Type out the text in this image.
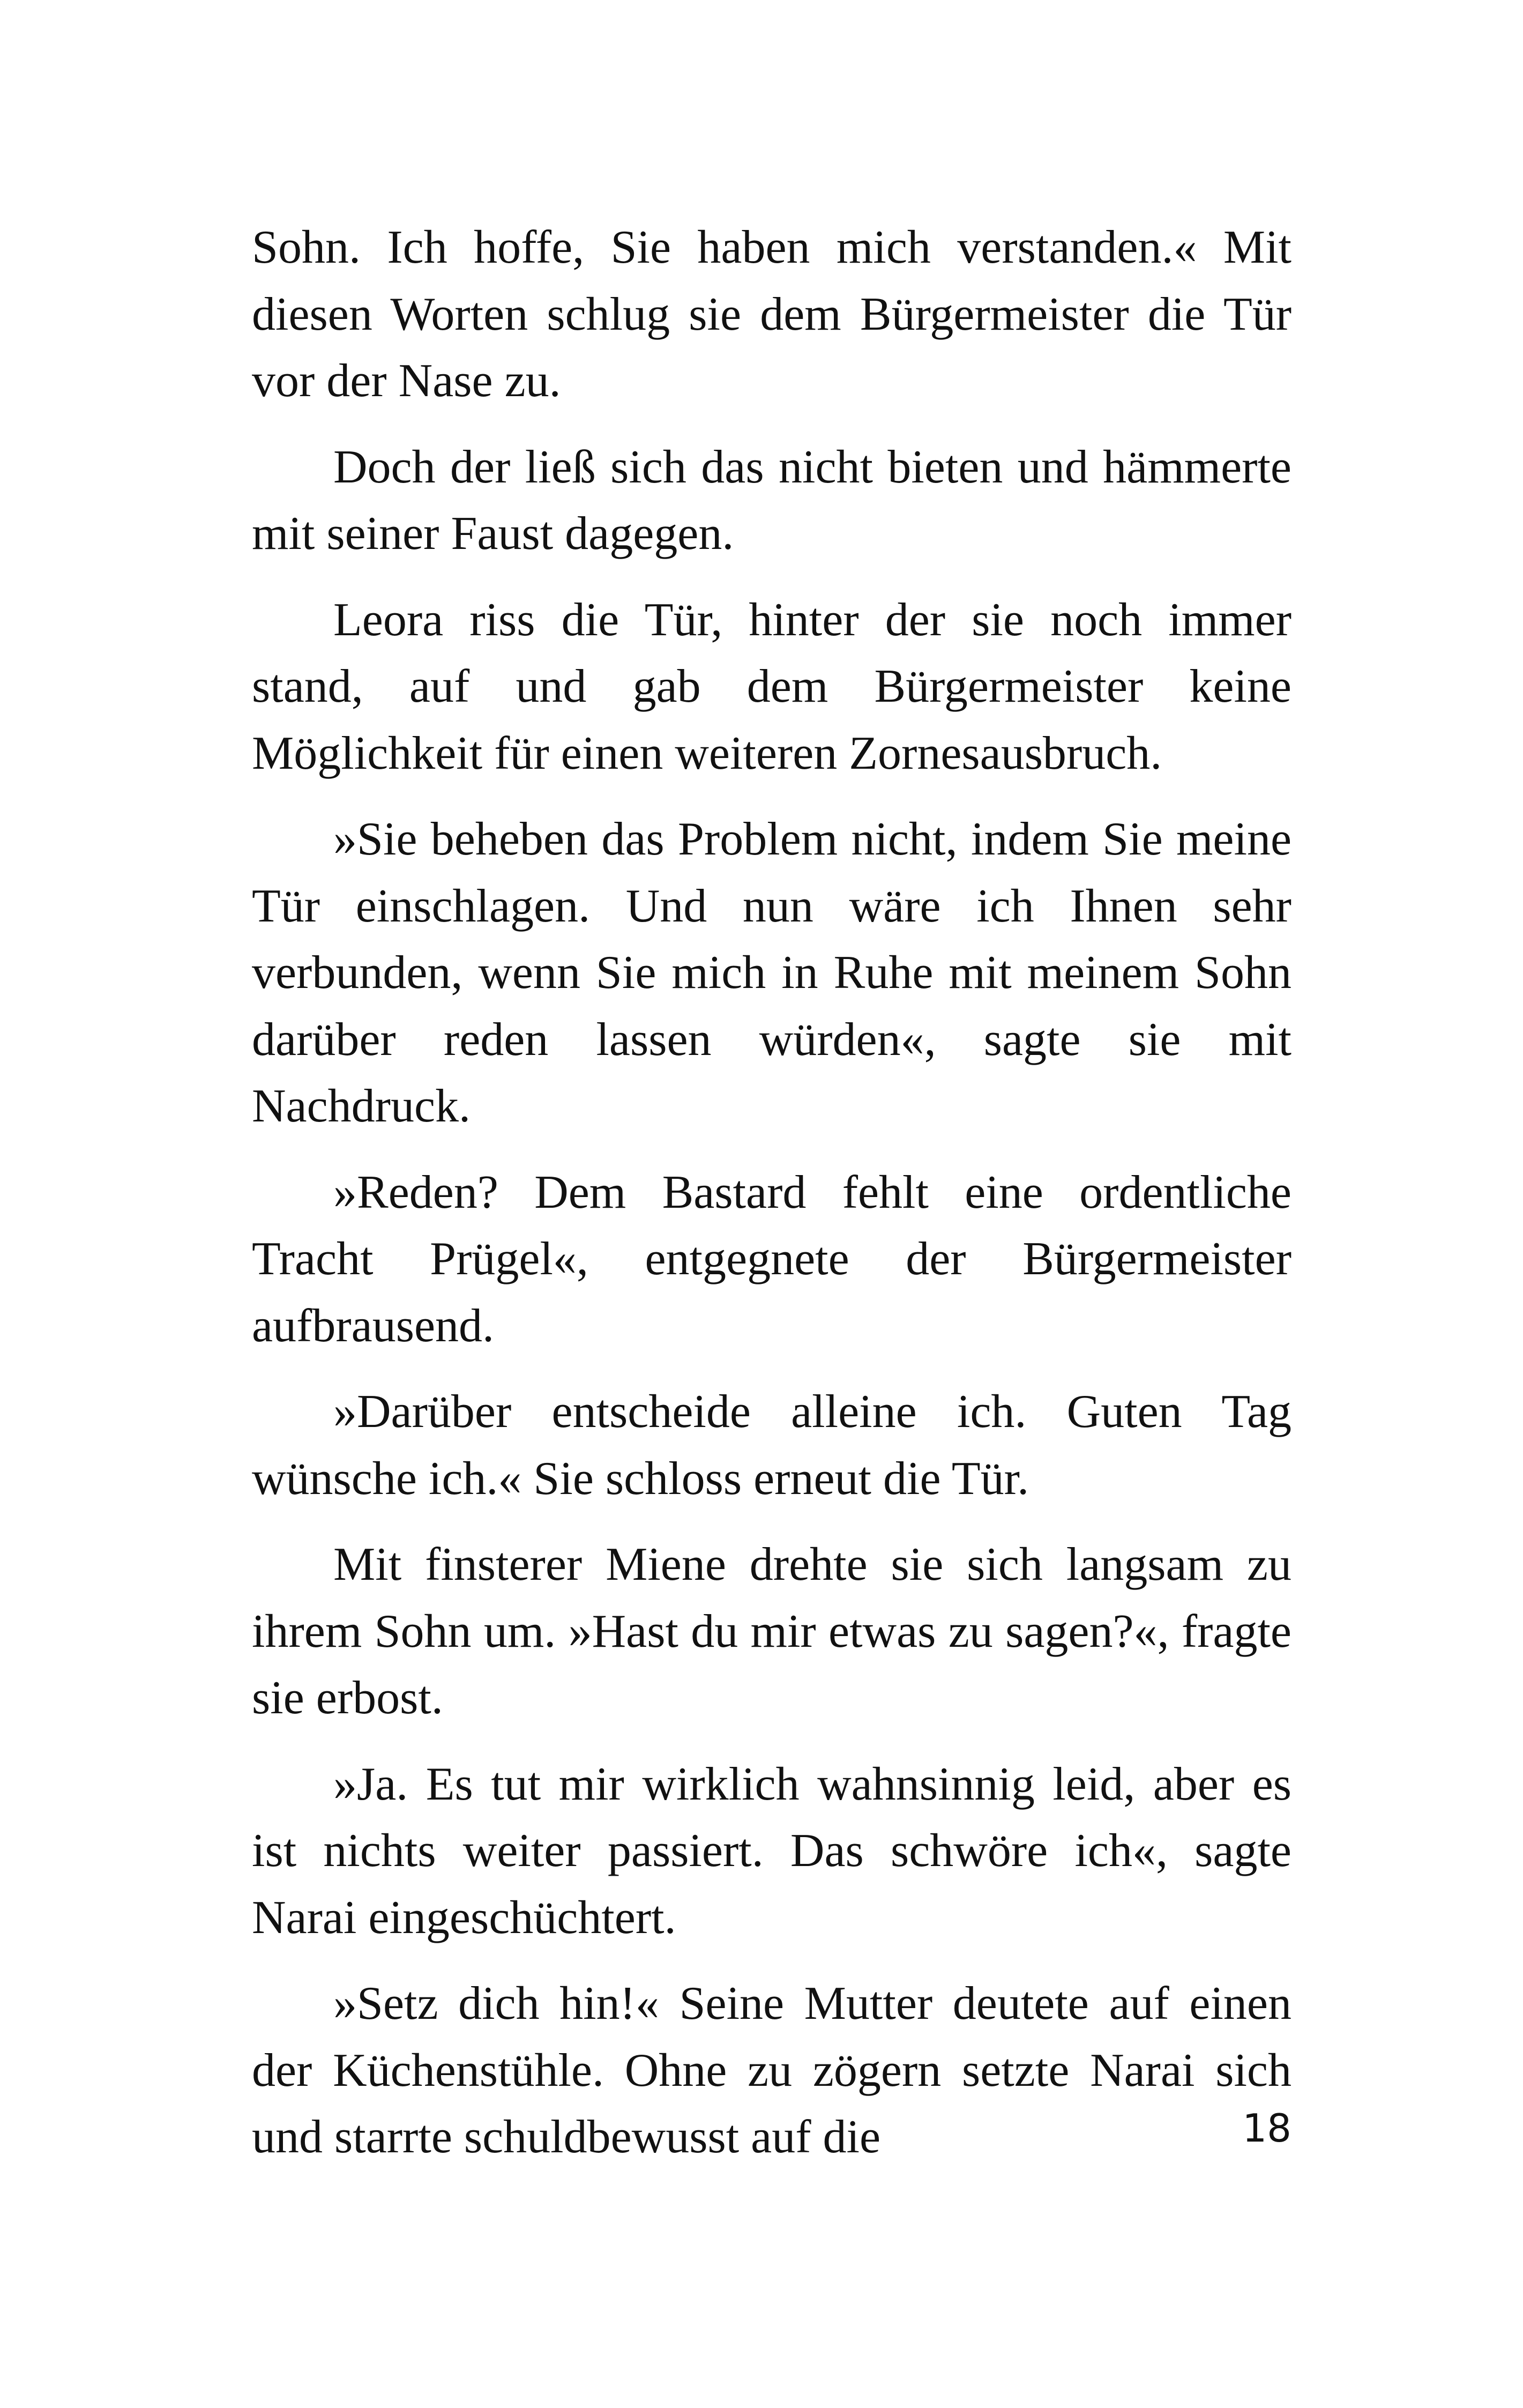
Sohn. Ich hoffe, Sie haben mich verstanden.« Mit diesen Worten schlug sie dem Bürgermeister die Tür vor der Nase zu.

Doch der ließ sich das nicht bieten und hämmerte mit seiner Faust dagegen.

Leora riss die Tür, hinter der sie noch immer stand, auf und gab dem Bürgermeister keine Möglichkeit für einen weiteren Zornesausbruch.

»Sie beheben das Problem nicht, indem Sie meine Tür einschlagen. Und nun wäre ich Ihnen sehr verbunden, wenn Sie mich in Ruhe mit meinem Sohn darüber reden lassen würden«, sagte sie mit Nachdruck.

»Reden? Dem Bastard fehlt eine ordentliche Tracht Prügel«, entgegnete der Bürgermeister aufbrausend.

»Darüber entscheide alleine ich. Guten Tag wünsche ich.« Sie schloss erneut die Tür.

Mit finsterer Miene drehte sie sich langsam zu ihrem Sohn um. »Hast du mir etwas zu sagen?«, fragte sie erbost.

»Ja. Es tut mir wirklich wahnsinnig leid, aber es ist nichts weiter passiert. Das schwöre ich«, sagte Narai eingeschüchtert.

»Setz dich hin!« Seine Mutter deutete auf einen der Küchenstühle. Ohne zu zögern setzte Narai sich und starrte schuldbewusst auf die	18
